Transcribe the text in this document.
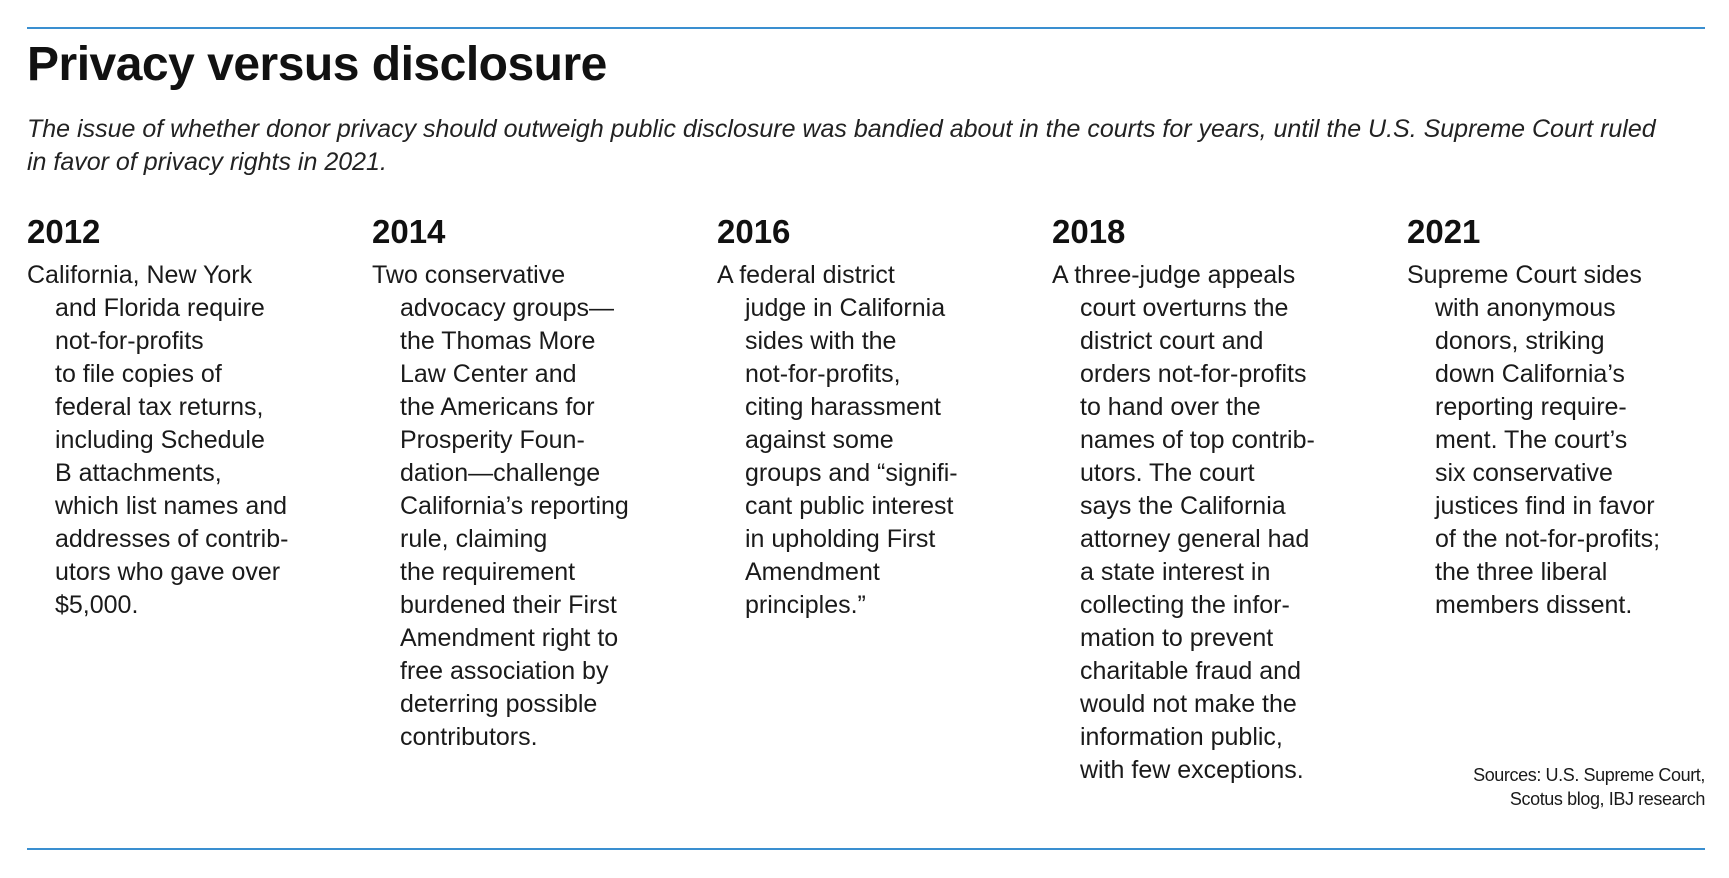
Privacy versus disclosure

The issue of whether donor privacy should outweigh public disclosure was bandied about in the courts for years, until the U.S. Supreme Court ruled in favor of privacy rights in 2021.

2012

California, New York
and Florida require
not-for-profits
to file copies of
federal tax returns,
including Schedule
B attachments,
which list names and
addresses of contrib-
utors who gave over
$5,000.

2014

Two conservative
advocacy groups—
the Thomas More
Law Center and
the Americans for
Prosperity Foun-
dation—challenge
California’s reporting
rule, claiming
the requirement
burdened their First
Amendment right to
free association by
deterring possible
contributors.

2016

A federal district
judge in California
sides with the
not-for-profits,
citing harassment
against some
groups and “signifi-
cant public interest
in upholding First
Amendment
principles.”

2018

A three-judge appeals
court overturns the
district court and
orders not-for-profits
to hand over the
names of top contrib-
utors. The court
says the California
attorney general had
a state interest in
collecting the infor-
mation to prevent
charitable fraud and
would not make the
information public,
with few exceptions.

2021

Supreme Court sides
with anonymous
donors, striking
down California’s
reporting require-
ment. The court’s
six conservative
justices find in favor
of the not-for-profits;
the three liberal
members dissent.

Sources: U.S. Supreme Court,
Scotus blog, IBJ research
